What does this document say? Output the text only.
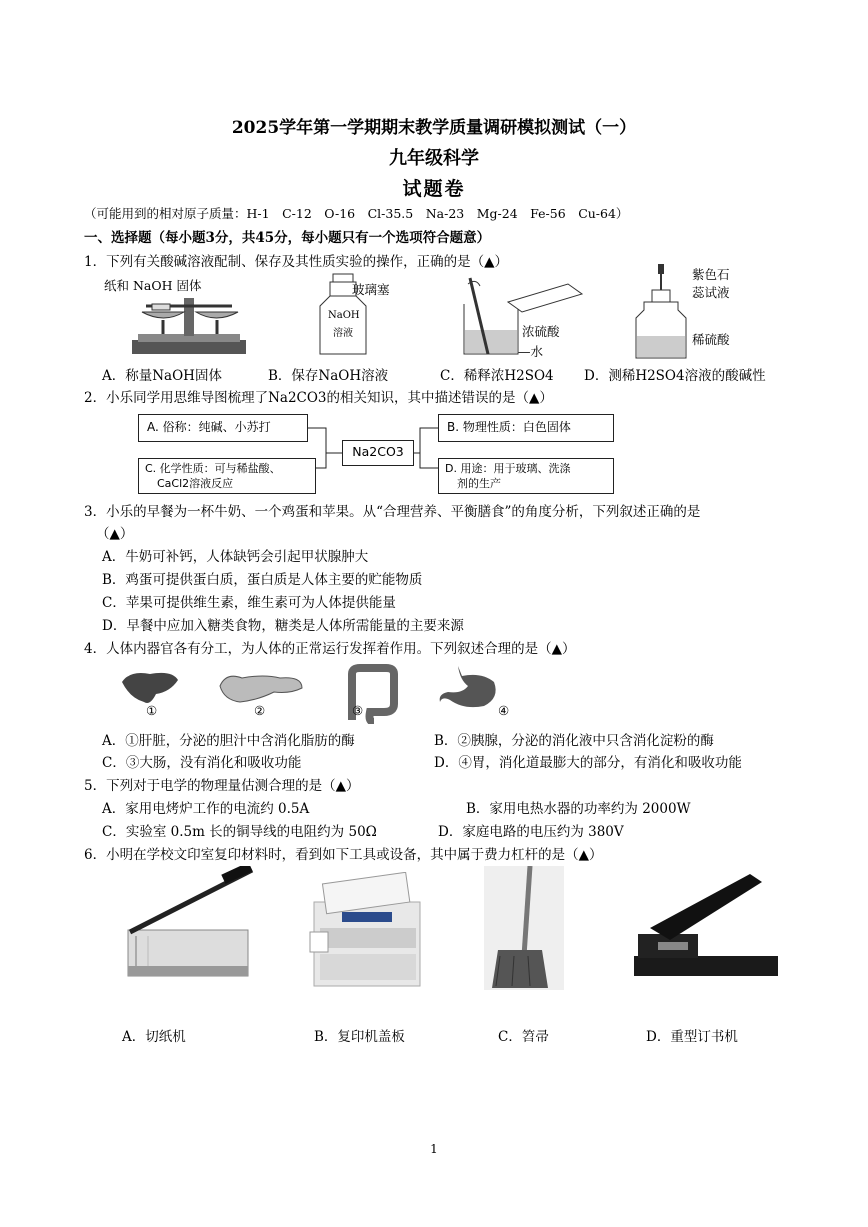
2025学年第一学期期末教学质量调研模拟测试（一）
九年级科学
试题卷
（可能用到的相对原子质量：H-1　C-12　O-16　Cl-35.5　Na-23　Mg-24　Fe-56　Cu-64）
一、选择题（每小题3分，共45分，每小题只有一个选项符合题意）
1．下列有关酸碱溶液配制、保存及其性质实验的操作，正确的是（▲）
纸和 NaOH 固体	玻璃塞
NaOH
溶液	浓硫酸
—水
紫色石
蕊试液
稀硫酸
A．称量NaOH固体	B．保存NaOH溶液	C．稀释浓H2SO4 D．测稀H2SO4溶液的酸碱性
2．小乐同学用思维导图梳理了Na2CO3的相关知识，其中描述错误的是（▲）
A. 俗称：纯碱、小苏打	B. 物理性质：白色固体
Na2CO3
C. 化学性质：可与稀盐酸、
CaCl2溶液反应
D. 用途：用于玻璃、洗涤
剂的生产
3．小乐的早餐为一杯牛奶、一个鸡蛋和苹果。从“合理营养、平衡膳食”的角度分析，下列叙述正确的是
（▲）
A．牛奶可补钙，人体缺钙会引起甲状腺肿大
B．鸡蛋可提供蛋白质，蛋白质是人体主要的贮能物质
C．苹果可提供维生素，维生素可为人体提供能量
D．早餐中应加入糖类食物，糖类是人体所需能量的主要来源
4．人体内器官各有分工，为人体的正常运行发挥着作用。下列叙述合理的是（▲）
①	②	③	④
A．①肝脏，分泌的胆汁中含消化脂肪的酶	B．②胰腺，分泌的消化液中只含消化淀粉的酶
C．③大肠，没有消化和吸收功能	D．④胃，消化道最膨大的部分，有消化和吸收功能
5．下列对于电学的物理量估测合理的是（▲）
A．家用电烤炉工作的电流约 0.5A	B．家用电热水器的功率约为 2000W
C．实验室 0.5m 长的铜导线的电阻约为 50Ω	D．家庭电路的电压约为 380V
6．小明在学校文印室复印材料时，看到如下工具或设备，其中属于费力杠杆的是（▲）
A．切纸机	B．复印机盖板	C．笤帚	D．重型订书机
1
